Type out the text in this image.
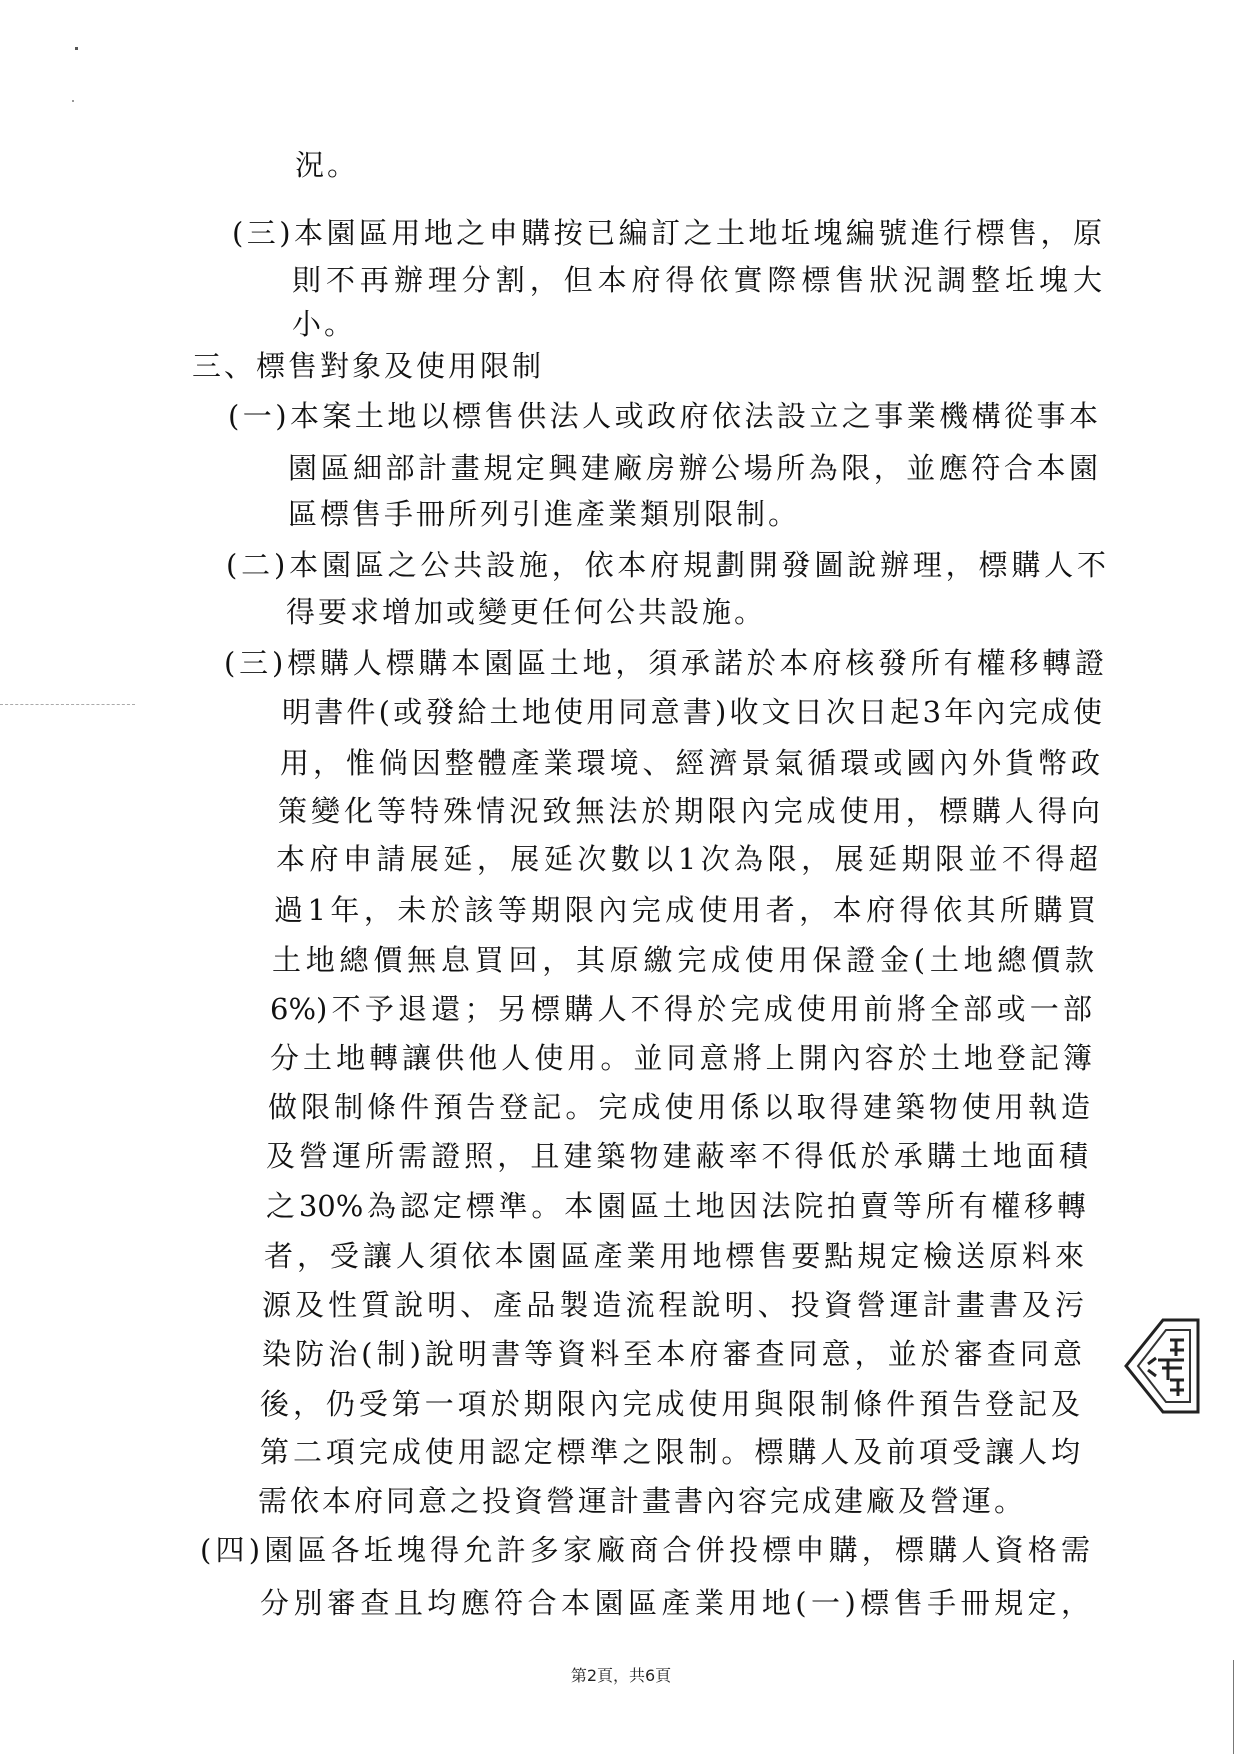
況。

(三)本園區用地之申購按已編訂之土地坵塊編號進行標售，原

則不再辦理分割，但本府得依實際標售狀況調整坵塊大

小。

三、標售對象及使用限制

(一)本案土地以標售供法人或政府依法設立之事業機構從事本

園區細部計畫規定興建廠房辦公場所為限，並應符合本園

區標售手冊所列引進產業類別限制。

(二)本園區之公共設施，依本府規劃開發圖說辦理，標購人不

得要求增加或變更任何公共設施。

(三)標購人標購本園區土地，須承諾於本府核發所有權移轉證

明書件(或發給土地使用同意書)收文日次日起3年內完成使

用，惟倘因整體產業環境、經濟景氣循環或國內外貨幣政

策變化等特殊情況致無法於期限內完成使用，標購人得向

本府申請展延，展延次數以1次為限，展延期限並不得超

過1年，未於該等期限內完成使用者，本府得依其所購買

土地總價無息買回，其原繳完成使用保證金(土地總價款

6%)不予退還；另標購人不得於完成使用前將全部或一部

分土地轉讓供他人使用。並同意將上開內容於土地登記簿

做限制條件預告登記。完成使用係以取得建築物使用執造

及營運所需證照，且建築物建蔽率不得低於承購土地面積

之30%為認定標準。本園區土地因法院拍賣等所有權移轉

者，受讓人須依本園區產業用地標售要點規定檢送原料來

源及性質說明、產品製造流程說明、投資營運計畫書及污

染防治(制)說明書等資料至本府審查同意，並於審查同意

後，仍受第一項於期限內完成使用與限制條件預告登記及

第二項完成使用認定標準之限制。標購人及前項受讓人均

需依本府同意之投資營運計畫書內容完成建廠及營運。

(四)園區各坵塊得允許多家廠商合併投標申購，標購人資格需

分別審查且均應符合本園區產業用地(一)標售手冊規定，

第2頁，共6頁
